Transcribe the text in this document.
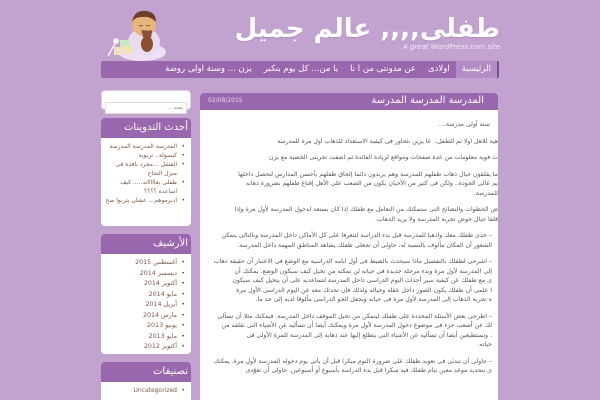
طفلى,,,, عالم جميل
A great WordPress.com site
الرئيسية
اولادى
عن مدونتى من ا نا
يا من... كل يوم بنكبر
يزن ... وسنة اولى روضة
بحث ...
أحدث التدوينات
• المدرسة المدرسة المدرسة
• كبسولة.. تربوية
• الفشل ...مجرد نافذة فى منزل النجاح
• طفلى بعاااااند..... كيف اساعده ؟؟؟؟
• ادبرموهم... عشان يتربوا صح
الأرشيف
• أغسطس 2015
• ديسمبر 2014
• أكتوبر 2014
• مايو 2014
• أبريل 2014
• مارس 2014
• يونيو 2013
• مايو 2013
• أكتوبر 2012
تصنيفات
• Uncategorized
02/08/2015	المدرسة المدرسة المدرسة

سنة أولى مدرسة....

هية للاهل اولا ثم للطفل.. عا يزين نتحاور فى كيفية الاستعداد للذهاب اول مرة للمدرسة

ت فوية معلومات من عدة صفحات ومواقع لزيادة الفائدة ثم اضفت تجربتى الخصية مع يزن

ما يقلقون حيال ذهاب طفلهم للمدرسة وهم يريدون دائما إلحاق طفلهم بأحسن المدارس لتحصل داخلها
يم عالى الجودة.. ولكن فى كثير من الأحيان يكون من الصعب على الأهل إقناع طفلهم بضرورة ذهابه
للمدرسة.

ض الخطوات والنصائح التى ستمكنك من التعامل مع طفلك إذا كان يستعد لدخول المدرسة لأول مرة وإذا
قلقا حيال خوض تجربة المدرسة ولا يريد الذهاب.

– خذى طفلك معك واذهبا للمدرسة قبل بدء الدراسة لتتعرفا على كل الأماكن داخل المدرسة وبالتالى يتمكن
الشعور أن المكان مألوف بالنسبة له، حاولى أن تجعلى طفلك يشاهد المناطق المهمة داخل المدرسة.

– اشرحى لطفلك بالتفصيل ماذا سيحدث بالضبط فى أول ايامه الدراسية مع الوضع فى الاعتبار أن حقيقة ذهاب
إلى المدرسة لأول مرة وبدء مرحلة جديدة فى حياته لن تمكنه من تخيل كيف سيكون الوضع. يمكنك أن
ى مع طفلك عن كيفية سير أحداث اليوم الدراسى داخل المدرسة لتساعديه على أن يتخيل كيف سيكون
ا علمى أن طفلك يكون الصور داخل عقله وخياله ولذلك فإن تحدثك معه عن اليوم الدراسى الأول مرة
ه تجربة الذهاب إلى المدرسة لأول مرة فى حياته ويجعل الجو الدراسى مألوفا لديه إلى حد ما.

– اطرحى بعض الأسئلة المحددة على طفلك ليتمكن من تخيل الموقف داخل المدرسة. فيمكنك مثلا أن تسألى
لك عن أصعب جزء فى موضوع دخول المدرسة لأول مرة ويمكنك أيضا أن تسأليه عن الأشياء التى تقلقه من
، وتستطيعين أيضا أن تسأليه عن الأشياء التى يتطلع إليها عند ذهابه إلى المدرسة للمرة الأولى فى
حياته.

– حاولى أن تبدئى فى تعويد طفلك على ضرورة النوم مبكرا قبل أن يأتى يوم دخوله المدرسة لأول مرة. يمكنك
ى بتحديد موعد معين ينام طفلك فيه مبكرا قبل بدء الدراسة بأسبوع أو أسبوعين. حاولى أن تعوّدى
